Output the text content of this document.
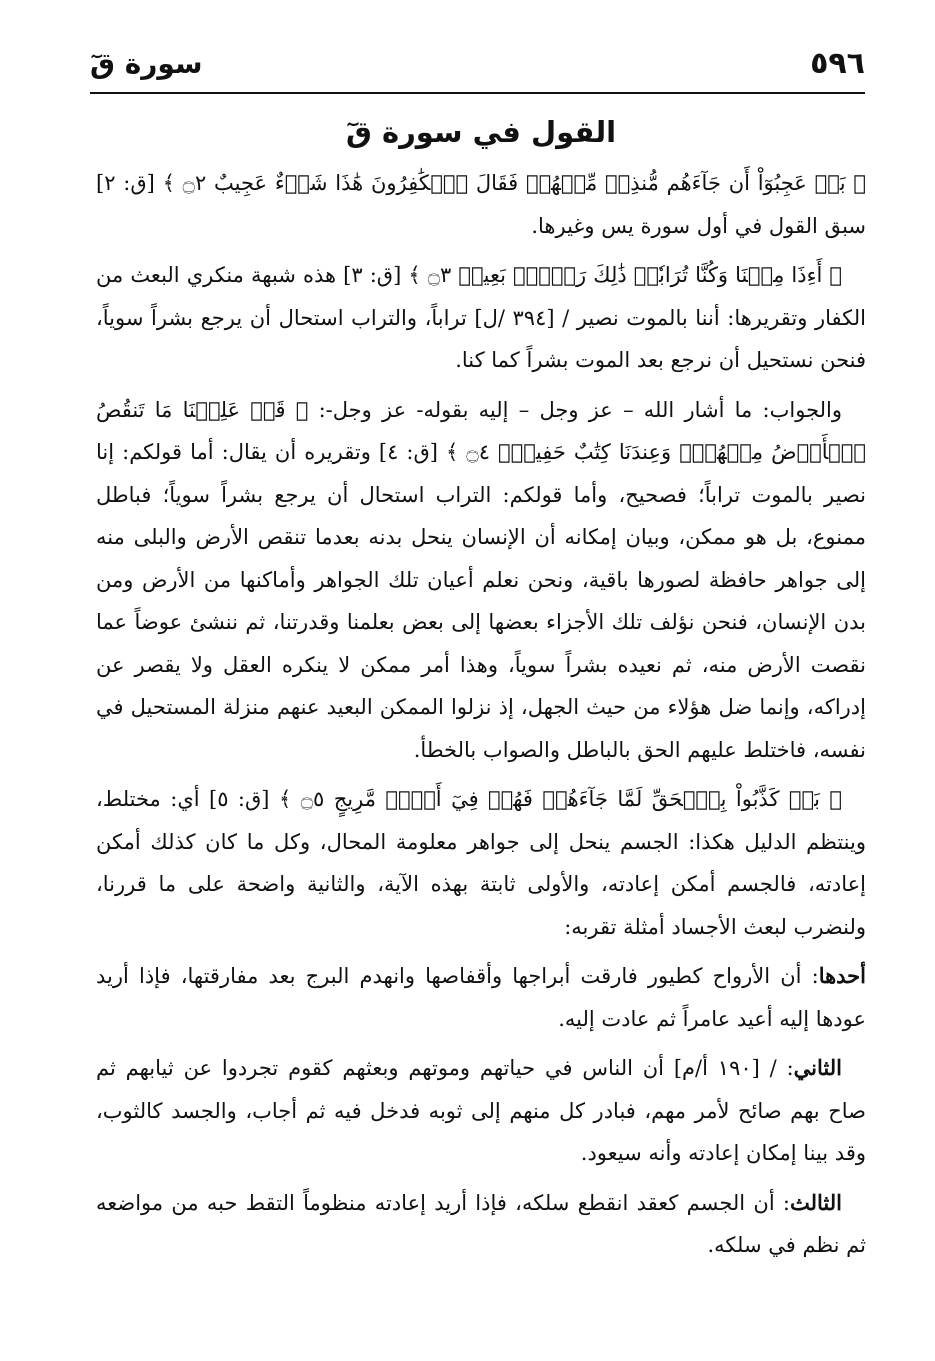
٥٩٦
سورة قٓ
القول في سورة قٓ

﴿ بَلۡ عَجِبُوٓاْ أَن جَآءَهُم مُّنذِرٞ مِّنۡهُمۡ فَقَالَ ٱلۡكَٰفِرُونَ هَٰذَا شَيۡءٌ عَجِيبٌ ۝٢ ﴾ [ق: ٢] سبق القول في أول سورة يس وغيرها.

﴿ أَءِذَا مِتۡنَا وَكُنَّا تُرَابٗاۖ ذَٰلِكَ رَجۡعُۢ بَعِيدٞ ۝٣ ﴾ [ق: ٣] هذه شبهة منكري البعث من الكفار وتقريرها: أننا بالموت نصير / [٣٩٤ /ل] تراباً، والتراب استحال أن يرجع بشراً سوياً، فنحن نستحيل أن نرجع بعد الموت بشراً كما كنا.

والجواب: ما أشار الله – عز وجل – إليه بقوله- عز وجل-: ﴿ قَدۡ عَلِمۡنَا مَا تَنقُصُ ٱلۡأَرۡضُ مِنۡهُمۡۖ وَعِندَنَا كِتَٰبٌ حَفِيظُۢ ۝٤ ﴾ [ق: ٤] وتقريره أن يقال: أما قولكم: إنا نصير بالموت تراباً؛ فصحيح، وأما قولكم: التراب استحال أن يرجع بشراً سوياً؛ فباطل ممنوع، بل هو ممكن، وبيان إمكانه أن الإنسان ينحل بدنه بعدما تنقص الأرض والبلى منه إلى جواهر حافظة لصورها باقية، ونحن نعلم أعيان تلك الجواهر وأماكنها من الأرض ومن بدن الإنسان، فنحن نؤلف تلك الأجزاء بعضها إلى بعض بعلمنا وقدرتنا، ثم ننشئ عوضاً عما نقصت الأرض منه، ثم نعيده بشراً سوياً، وهذا أمر ممكن لا ينكره العقل ولا يقصر عن إدراكه، وإنما ضل هؤلاء من حيث الجهل، إذ نزلوا الممكن البعيد عنهم منزلة المستحيل في نفسه، فاختلط عليهم الحق بالباطل والصواب بالخطأ.

﴿ بَلۡ كَذَّبُواْ بِٱلۡحَقِّ لَمَّا جَآءَهُمۡ فَهُمۡ فِيٓ أَمۡرٖ مَّرِيجٍ ۝٥ ﴾ [ق: ٥] أي: مختلط، وينتظم الدليل هكذا: الجسم ينحل إلى جواهر معلومة المحال، وكل ما كان كذلك أمكن إعادته، فالجسم أمكن إعادته، والأولى ثابتة بهذه الآية، والثانية واضحة على ما قررنا، ولنضرب لبعث الأجساد أمثلة تقربه:

أحدها: أن الأرواح كطيور فارقت أبراجها وأقفاصها وانهدم البرج بعد مفارقتها، فإذا أريد عودها إليه أعيد عامراً ثم عادت إليه.

الثاني: / [١٩٠ أ/م] أن الناس في حياتهم وموتهم وبعثهم كقوم تجردوا عن ثيابهم ثم صاح بهم صائح لأمر مهم، فبادر كل منهم إلى ثوبه فدخل فيه ثم أجاب، والجسد كالثوب، وقد بينا إمكان إعادته وأنه سيعود.

الثالث: أن الجسم كعقد انقطع سلكه، فإذا أريد إعادته منظوماً التقط حبه من مواضعه ثم نظم في سلكه.
